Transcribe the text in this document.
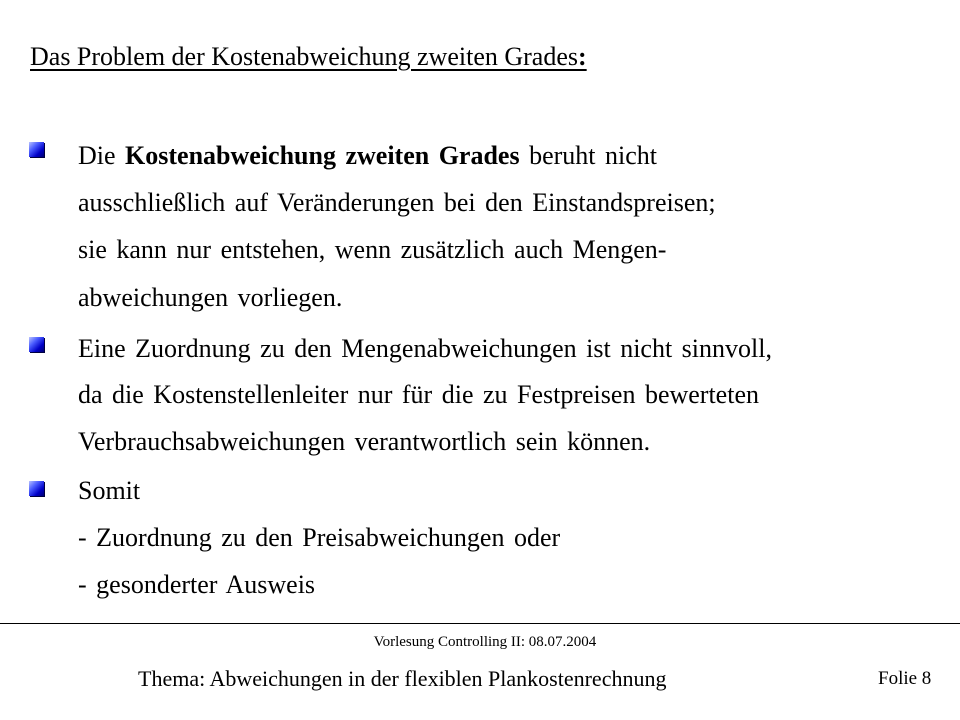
Das Problem der Kostenabweichung zweiten Grades:
Die Kostenabweichung zweiten Grades beruht nicht
ausschließlich auf Veränderungen bei den Einstandspreisen;
sie kann nur entstehen, wenn zusätzlich auch Mengen-
abweichungen vorliegen.
Eine Zuordnung zu den Mengenabweichungen ist nicht sinnvoll,
da die Kostenstellenleiter nur für die zu Festpreisen bewerteten
Verbrauchsabweichungen verantwortlich sein können.
Somit
- Zuordnung zu den Preisabweichungen oder
- gesonderter Ausweis
Vorlesung Controlling II: 08.07.2004
Thema: Abweichungen in der flexiblen Plankostenrechnung	Folie 8
